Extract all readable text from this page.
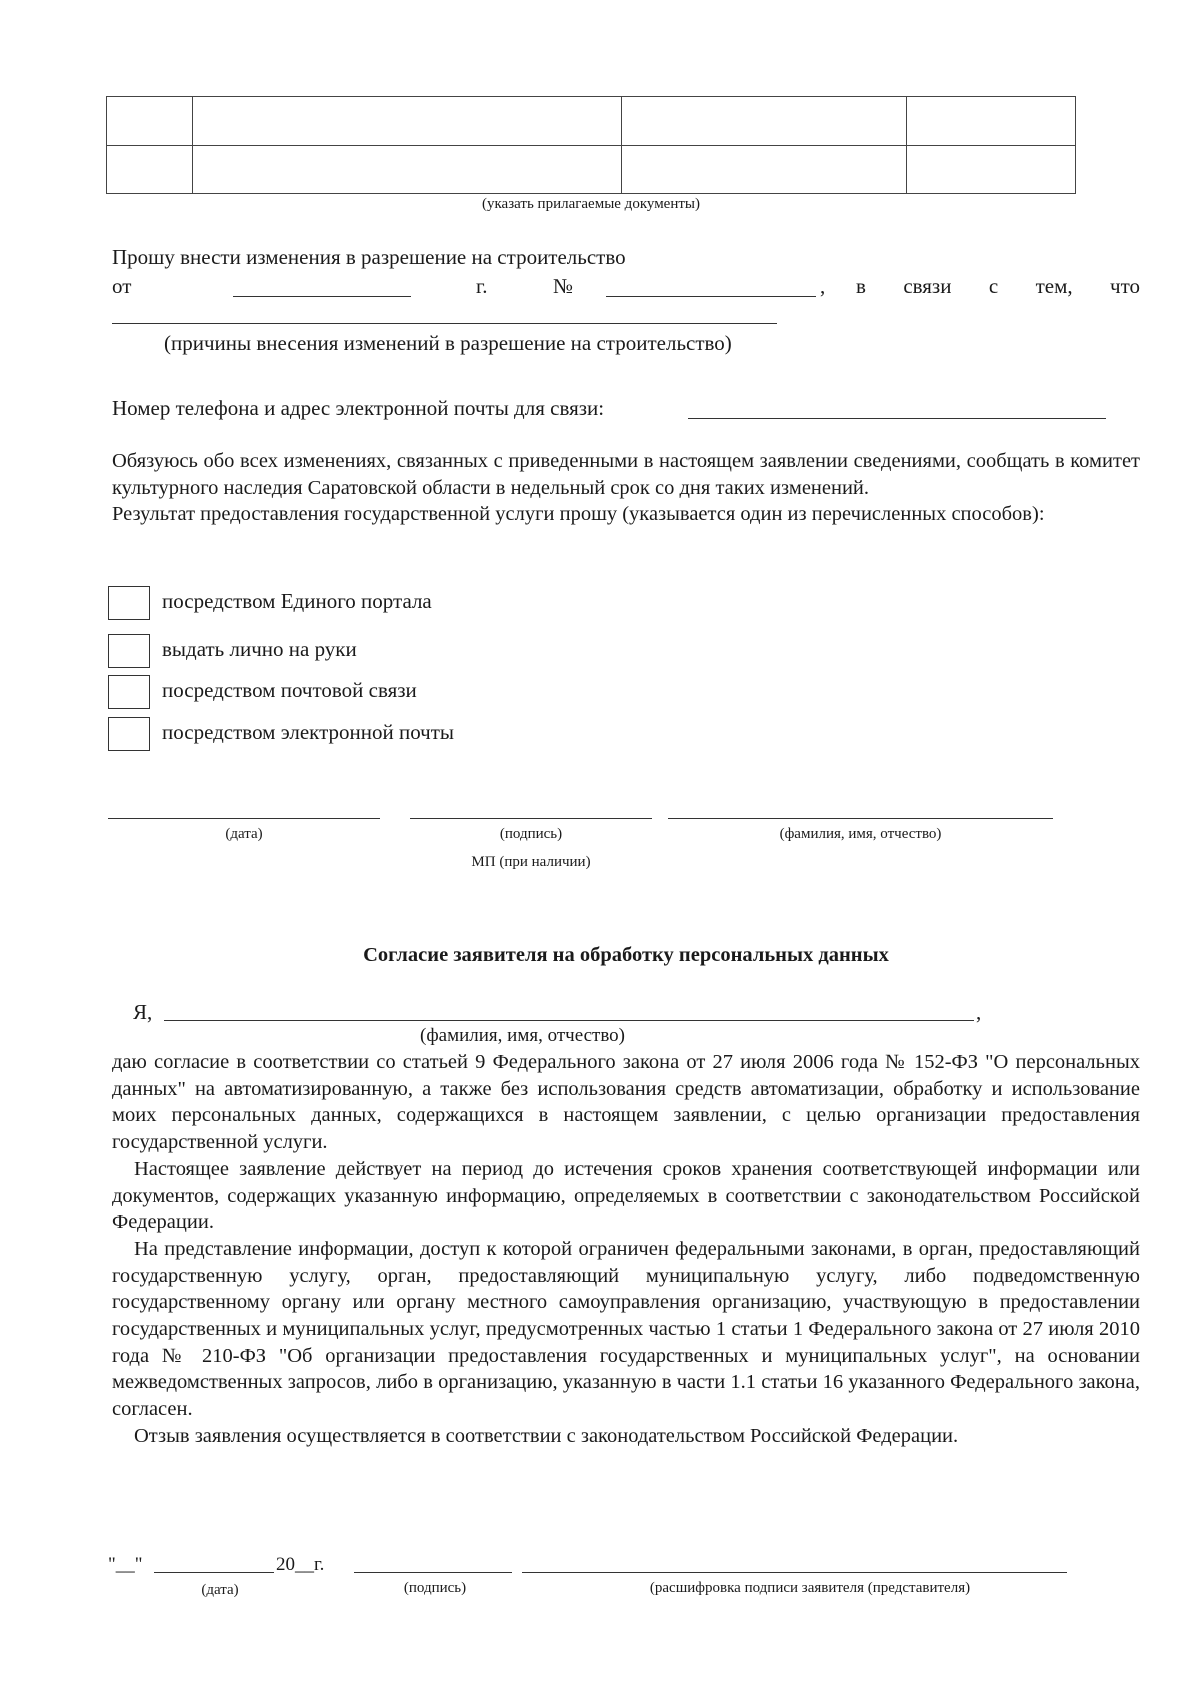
(указать прилагаемые документы)
Прошу внести изменения в разрешение на строительство
от	г.	№	, в связи с тем, что
(причины внесения изменений в разрешение на строительство)
Номер телефона и адрес электронной почты для связи:

Обязуюсь обо всех изменениях, связанных с приведенными в настоящем заявлении сведениями, сообщать в комитет культурного наследия Саратовской области в недельный срок со дня таких изменений.

Результат предоставления государственной услуги прошу (указывается один из перечисленных способов):

посредством Единого портала
выдать лично на руки
посредством почтовой связи
посредством электронной почты
(дата)	(подпись)	(фамилия, имя, отчество)
МП (при наличии)
Согласие заявителя на обработку персональных данных
Я,	,
(фамилия, имя, отчество)

даю согласие в соответствии со статьей 9 Федерального закона от 27 июля 2006 года № 152-ФЗ "О персональных данных" на автоматизированную, а также без использования средств автоматизации, обработку и использование моих персональных данных, содержащихся в настоящем заявлении, с целью организации предоставления государственной услуги.

Настоящее заявление действует на период до истечения сроков хранения соответствующей информации или документов, содержащих указанную информацию, определяемых в соответствии с законодательством Российской Федерации.

На представление информации, доступ к которой ограничен федеральными законами, в орган, предоставляющий государственную услугу, орган, предоставляющий муниципальную услугу, либо подведомственную государственному органу или органу местного самоуправления организацию, участвующую в предоставлении государственных и муниципальных услуг, предусмотренных частью 1 статьи 1 Федерального закона от 27 июля 2010 года № 210-ФЗ "Об организации предоставления государственных и муниципальных услуг", на основании межведомственных запросов, либо в организацию, указанную в части 1.1 статьи 16 указанного Федерального закона, согласен.

Отзыв заявления осуществляется в соответствии с законодательством Российской Федерации.

"__"	20__г.
(дата)	(подпись)	(расшифровка подписи заявителя (представителя)
